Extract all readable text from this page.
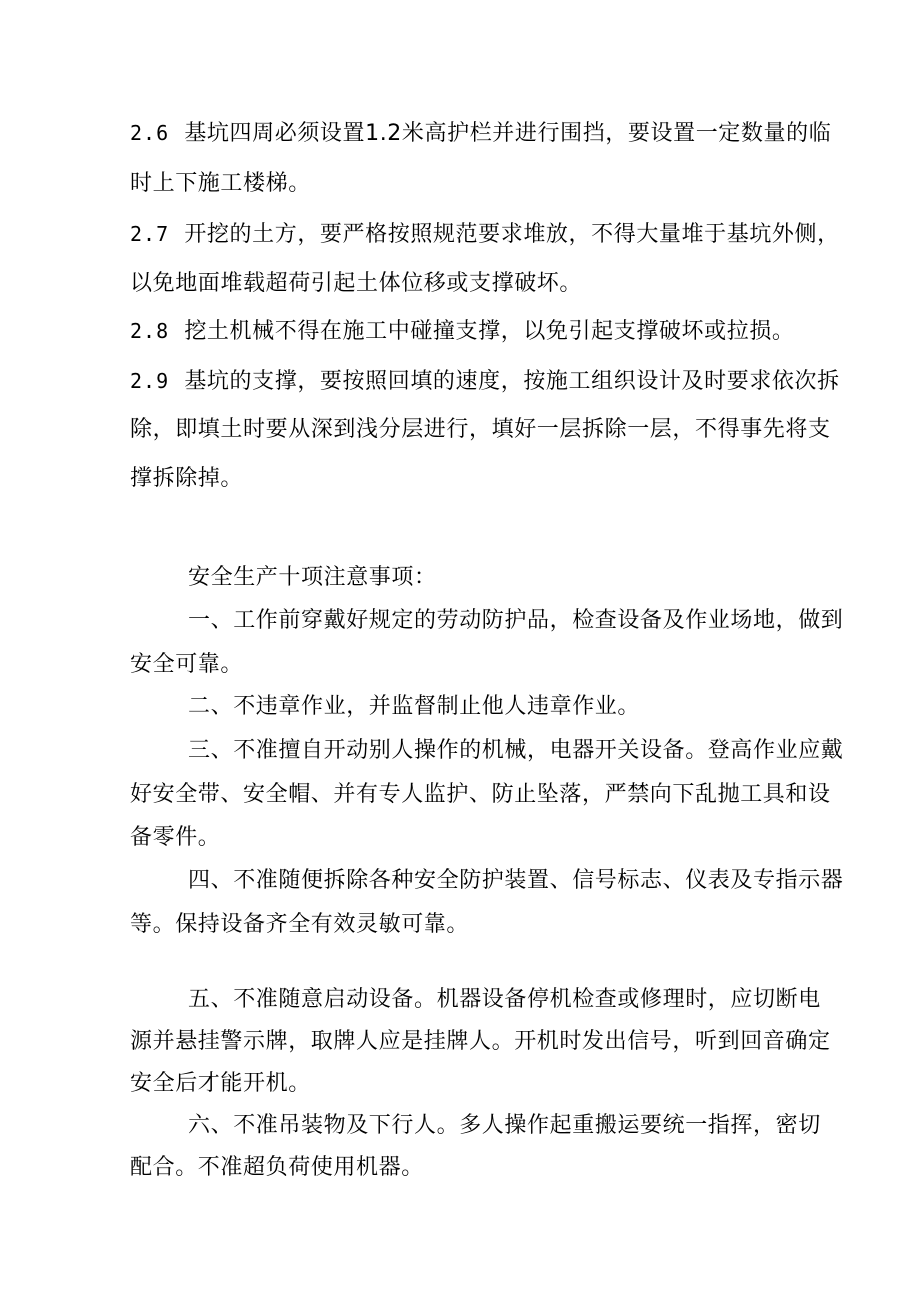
2.6 基坑四周必须设置1.2米高护栏并进行围挡，要设置一定数量的临
时上下施工楼梯。
2.7 开挖的土方，要严格按照规范要求堆放，不得大量堆于基坑外侧，
以免地面堆载超荷引起土体位移或支撑破坏。
2.8 挖土机械不得在施工中碰撞支撑，以免引起支撑破坏或拉损。
2.9 基坑的支撑，要按照回填的速度，按施工组织设计及时要求依次拆
除，即填土时要从深到浅分层进行，填好一层拆除一层，不得事先将支
撑拆除掉。
安全生产十项注意事项：
一、工作前穿戴好规定的劳动防护品，检查设备及作业场地，做到
安全可靠。
二、不违章作业，并监督制止他人违章作业。
三、不准擅自开动别人操作的机械，电器开关设备。登高作业应戴
好安全带、安全帽、并有专人监护、防止坠落，严禁向下乱抛工具和设
备零件。
四、不准随便拆除各种安全防护装置、信号标志、仪表及专指示器
等。保持设备齐全有效灵敏可靠。
五、不准随意启动设备。机器设备停机检查或修理时，应切断电
源并悬挂警示牌，取牌人应是挂牌人。开机时发出信号，听到回音确定
安全后才能开机。
六、不准吊装物及下行人。多人操作起重搬运要统一指挥，密切
配合。不准超负荷使用机器。
